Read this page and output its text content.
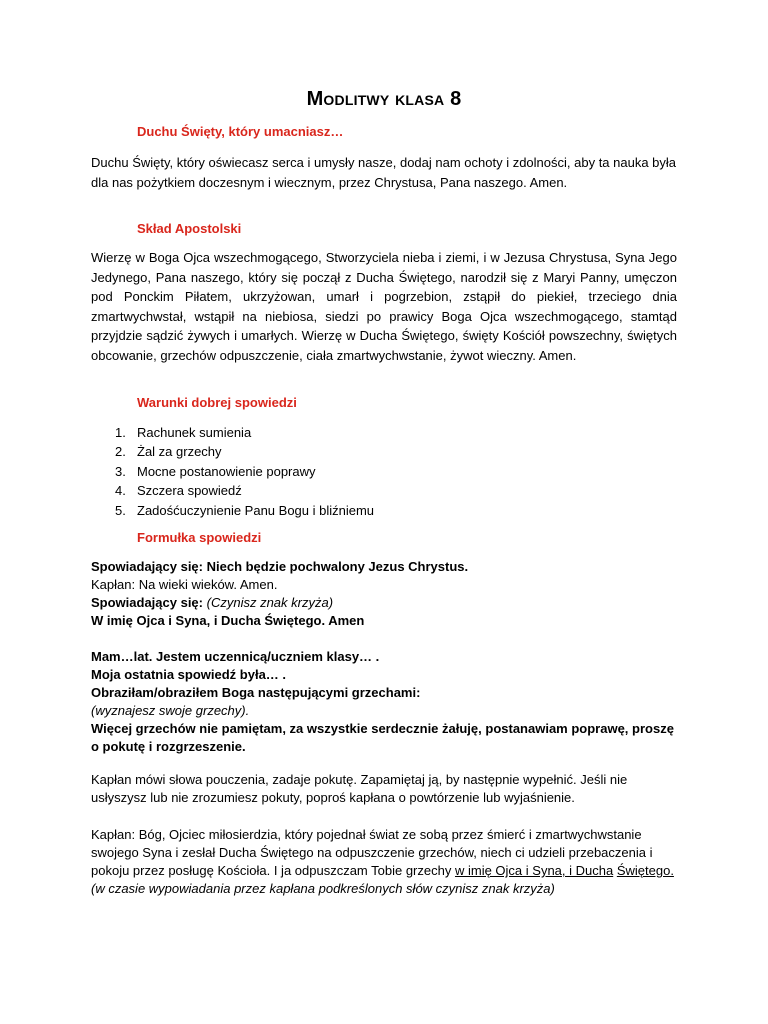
Modlitwy klasa 8
Duchu Święty, który umacniasz…

Duchu Święty, który oświecasz serca i umysły nasze, dodaj nam ochoty i zdolności, aby ta nauka była dla nas pożytkiem doczesnym i wiecznym, przez Chrystusa, Pana naszego. Amen.

Skład Apostolski

Wierzę w Boga Ojca wszechmogącego, Stworzyciela nieba i ziemi, i w Jezusa Chrystusa, Syna Jego Jedynego, Pana naszego, który się począł z Ducha Świętego, narodził się z Maryi Panny, umęczon pod Ponckim Piłatem, ukrzyżowan, umarł i pogrzebion, zstąpił do piekieł, trzeciego dnia zmartwychwstał, wstąpił na niebiosa, siedzi po prawicy Boga Ojca wszechmogącego, stamtąd przyjdzie sądzić żywych i umarłych. Wierzę w Ducha Świętego, święty Kościół powszechny, świętych obcowanie, grzechów odpuszczenie, ciała zmartwychwstanie, żywot wieczny. Amen.

Warunki dobrej spowiedzi
1. Rachunek sumienia
2. Żal za grzechy
3. Mocne postanowienie poprawy
4. Szczera spowiedź
5. Zadośćuczynienie Panu Bogu i bliźniemu
Formułka spowiedzi
Spowiadający się: Niech będzie pochwalony Jezus Chrystus.
Kapłan: Na wieki wieków. Amen.
Spowiadający się: (Czynisz znak krzyża)
W imię Ojca i Syna, i Ducha Świętego. Amen
Mam…lat. Jestem uczennicą/uczniem klasy… .
Moja ostatnia spowiedź była… .
Obraziłam/obraziłem Boga następującymi grzechami:
(wyznajesz swoje grzechy).
Więcej grzechów nie pamiętam, za wszystkie serdecznie żałuję, postanawiam poprawę, proszę o pokutę i rozgrzeszenie.

Kapłan mówi słowa pouczenia, zadaje pokutę. Zapamiętaj ją, by następnie wypełnić. Jeśli nie usłyszysz lub nie zrozumiesz pokuty, poproś kapłana o powtórzenie lub wyjaśnienie.

Kapłan: Bóg, Ojciec miłosierdzia, który pojednał świat ze sobą przez śmierć i zmartwychwstanie swojego Syna i zesłał Ducha Świętego na odpuszczenie grzechów, niech ci udzieli przebaczenia i pokoju przez posługę Kościoła. I ja odpuszczam Tobie grzechy w imię Ojca i Syna, i Ducha Świętego.
(w czasie wypowiadania przez kapłana podkreślonych słów czynisz znak krzyża)
